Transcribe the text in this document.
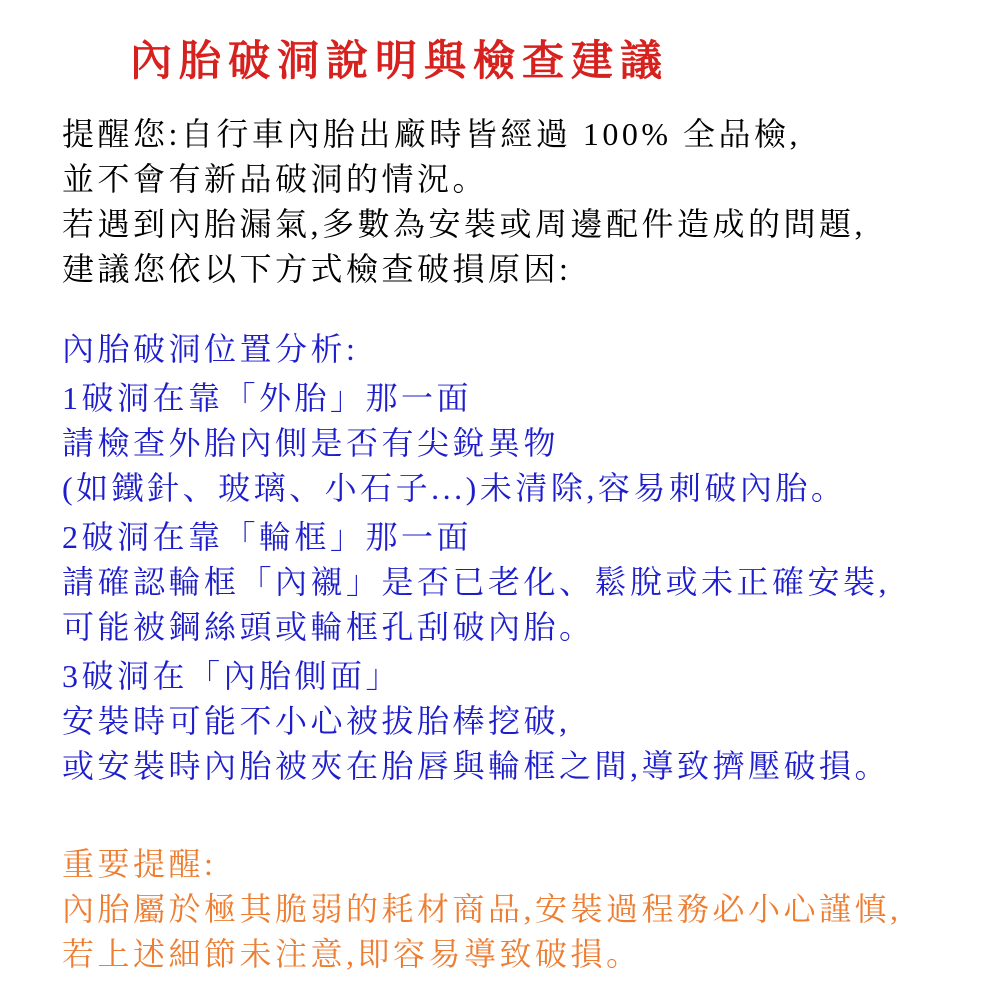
內胎破洞說明與檢查建議
提醒您:自行車內胎出廠時皆經過 100% 全品檢,
並不會有新品破洞的情況。
若遇到內胎漏氣,多數為安裝或周邊配件造成的問題,
建議您依以下方式檢查破損原因:
內胎破洞位置分析:
1破洞在靠「外胎」那一面
請檢查外胎內側是否有尖銳異物
(如鐵針、玻璃、小石子...)未清除,容易刺破內胎。
2破洞在靠「輪框」那一面
請確認輪框「內襯」是否已老化、鬆脫或未正確安裝,
可能被鋼絲頭或輪框孔刮破內胎。
3破洞在「內胎側面」
安裝時可能不小心被拔胎棒挖破,
或安裝時內胎被夾在胎唇與輪框之間,導致擠壓破損。
重要提醒:
內胎屬於極其脆弱的耗材商品,安裝過程務必小心謹慎,
若上述細節未注意,即容易導致破損。
